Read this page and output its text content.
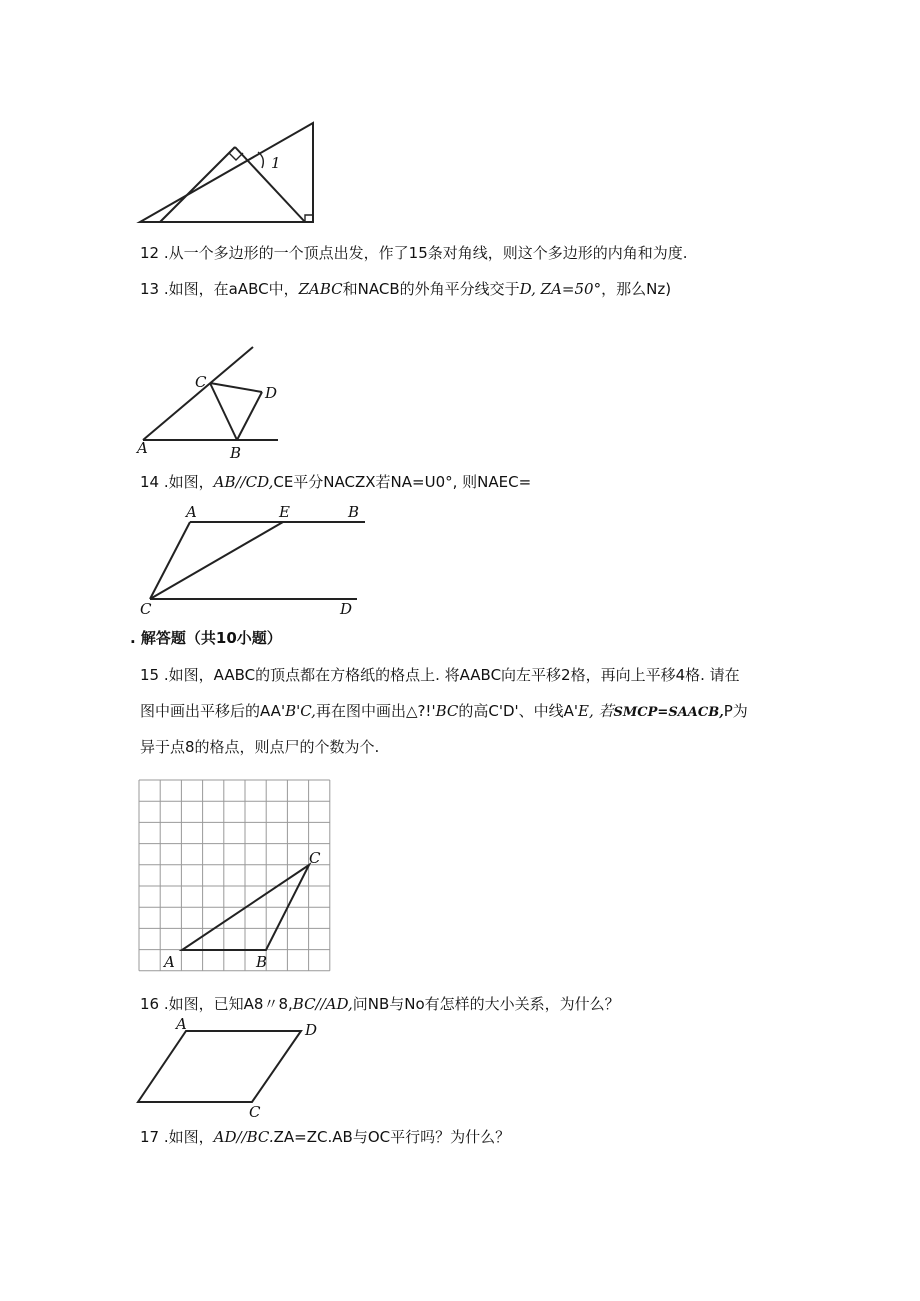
1
12 .从一个多边形的一个顶点出发，作了15条对角线，则这个多边形的内角和为度.
13 .如图，在aABC中，ZABC和NACB的外角平分线交于D, ZA=50°，那么Nz)
A	B
C
D
14 .如图，AB//CD,CE平分NACZX若NA=U0°, 则NAEC=
A	E	B
C	D
. 解答题（共10小题）
15 .如图，AABC的顶点都在方格纸的格点上. 将AABC向左平移2格，再向上平移4格. 请在
图中画出平移后的AA'B'C,再在图中画出△?!'BC的高C'D'、中线A'E, 若SMCP=SAACB,P为
异于点8的格点，则点尸的个数为个.
A	B
C
16 .如图，已知A8〃8,BC//AD,问NB与No有怎样的大小关系，为什么？
A	D
C
17 .如图，AD//BC.ZA=ZC.AB与OC平行吗？为什么？
